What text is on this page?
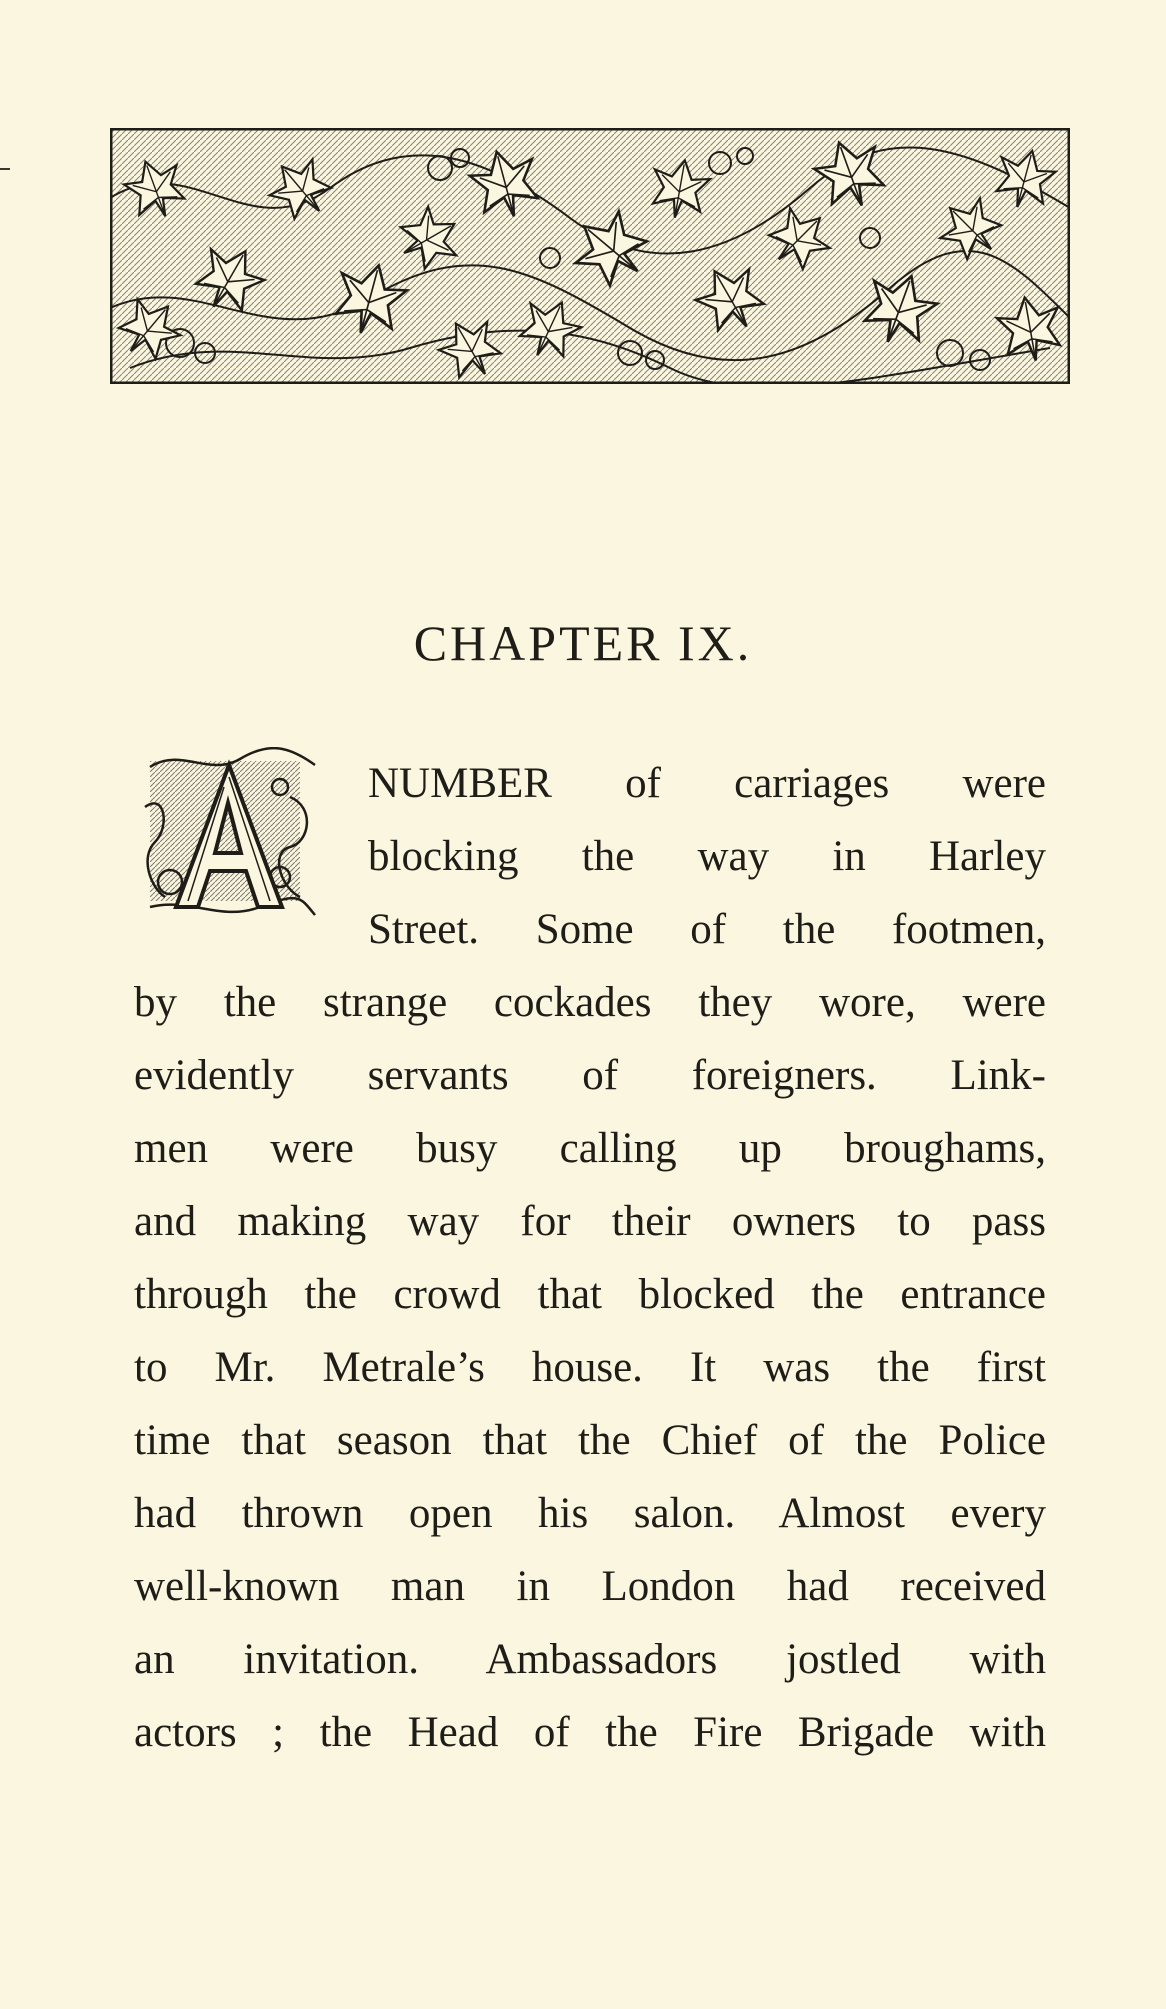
CHAPTER IX.
NUMBER of carriages were
blocking the way in Harley
Street. Some of the footmen,
by the strange cockades they wore, were
evidently servants of foreigners. Link-
men were busy calling up broughams,
and making way for their owners to pass
through the crowd that blocked the entrance
to Mr. Metrale’s house. It was the first
time that season that the Chief of the Police
had thrown open his salon. Almost every
well-known man in London had received
an invitation. Ambassadors jostled with
actors ; the Head of the Fire Brigade with
